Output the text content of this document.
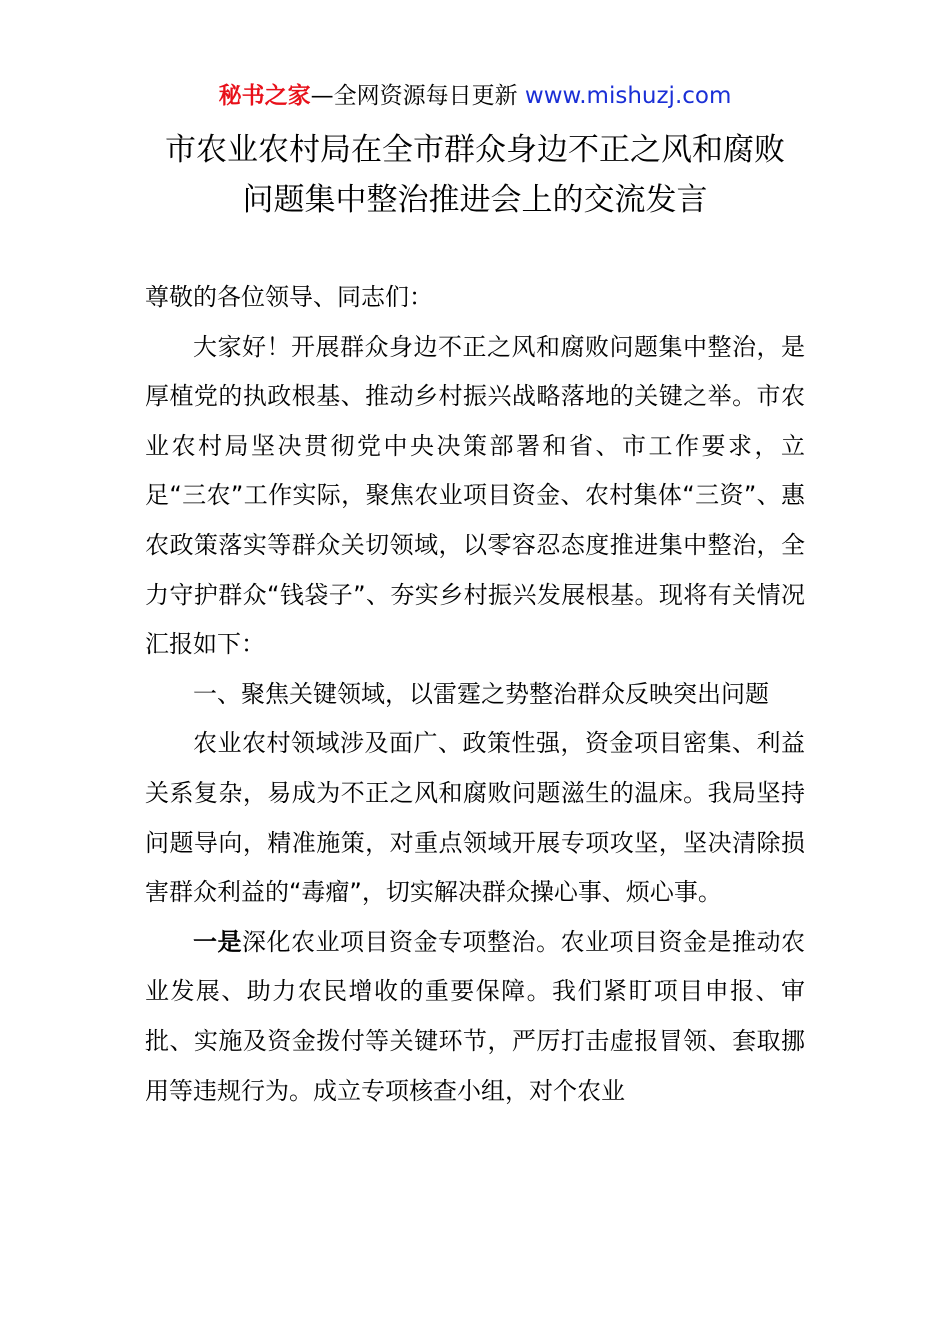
秘书之家—全网资源每日更新 www.mishuzj.com
市农业农村局在全市群众身边不正之风和腐败
问题集中整治推进会上的交流发言

尊敬的各位领导、同志们：

大家好！开展群众身边不正之风和腐败问题集中整治，是厚植党的执政根基、推动乡村振兴战略落地的关键之举。市农业农村局坚决贯彻党中央决策部署和省、市工作要求，立足“三农”工作实际，聚焦农业项目资金、农村集体“三资”、惠农政策落实等群众关切领域，以零容忍态度推进集中整治，全力守护群众“钱袋子”、夯实乡村振兴发展根基。现将有关情况汇报如下：

一、聚焦关键领域，以雷霆之势整治群众反映突出问题

农业农村领域涉及面广、政策性强，资金项目密集、利益关系复杂，易成为不正之风和腐败问题滋生的温床。我局坚持问题导向，精准施策，对重点领域开展专项攻坚，坚决清除损害群众利益的“毒瘤”，切实解决群众操心事、烦心事。

一是深化农业项目资金专项整治。农业项目资金是推动农业发展、助力农民增收的重要保障。我们紧盯项目申报、审批、实施及资金拨付等关键环节，严厉打击虚报冒领、套取挪用等违规行为。成立专项核查小组，对个农业
